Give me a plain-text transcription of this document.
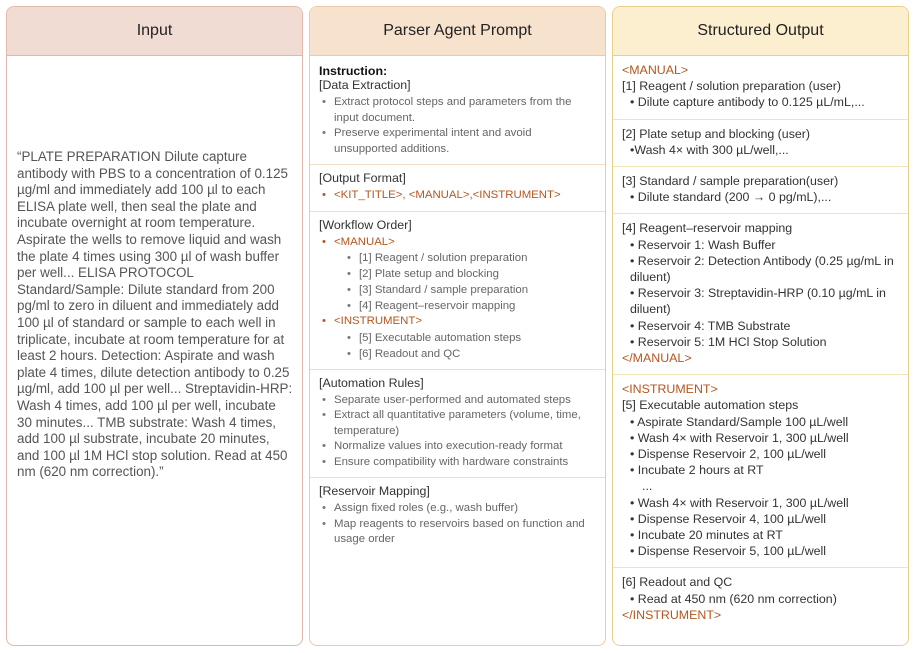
Input
“PLATE PREPARATION Dilute capture antibody with PBS to a concentration of 0.125 µg/ml and immediately add 100 µl to each ELISA plate well, then seal the plate and incubate overnight at room temperature. Aspirate the wells to remove liquid and wash the plate 4 times using 300 µl of wash buffer per well... ELISA PROTOCOL Standard/Sample: Dilute standard from 200 pg/ml to zero in diluent and immediately add 100 µl of standard or sample to each well in triplicate, incubate at room temperature for at least 2 hours. Detection: Aspirate and wash plate 4 times, dilute detection antibody to 0.25 µg/ml, add 100 µl per well... Streptavidin-HRP: Wash 4 times, add 100 µl per well, incubate 30 minutes... TMB substrate: Wash 4 times, add 100 µl substrate, incubate 20 minutes, and 100 µl 1M HCl stop solution. Read at 450 nm (620 nm correction).”
Parser Agent Prompt
Instruction:
[Data Extraction]
• Extract protocol steps and parameters from the input document.
• Preserve experimental intent and avoid unsupported additions.
[Output Format]
• <KIT_TITLE>, <MANUAL>,<INSTRUMENT>
[Workflow Order]
• <MANUAL>
• [1] Reagent / solution preparation
• [2] Plate setup and blocking
• [3] Standard / sample preparation
• [4] Reagent–reservoir mapping
• <INSTRUMENT>
• [5] Executable automation steps
• [6] Readout and QC
[Automation Rules]
• Separate user-performed and automated steps
• Extract all quantitative parameters (volume, time, temperature)
• Normalize values into execution-ready format
• Ensure compatibility with hardware constraints
[Reservoir Mapping]
• Assign fixed roles (e.g., wash buffer)
• Map reagents to reservoirs based on function and usage order
Structured Output
<MANUAL>
[1] Reagent / solution preparation (user)
• Dilute capture antibody to 0.125 µL/mL,...
[2] Plate setup and blocking (user)
•Wash 4× with 300 µL/well,...
[3] Standard / sample preparation(user)
• Dilute standard (200 → 0 pg/mL),...
[4] Reagent–reservoir mapping
• Reservoir 1: Wash Buffer
• Reservoir 2: Detection Antibody (0.25 µg/mL in diluent)
• Reservoir 3: Streptavidin-HRP (0.10 µg/mL in diluent)
• Reservoir 4: TMB Substrate
• Reservoir 5: 1M HCl Stop Solution
</MANUAL>
<INSTRUMENT>
[5] Executable automation steps
• Aspirate Standard/Sample 100 µL/well
• Wash 4× with Reservoir 1, 300 µL/well
• Dispense Reservoir 2, 100 µL/well
• Incubate 2 hours at RT
...
• Wash 4× with Reservoir 1, 300 µL/well
• Dispense Reservoir 4, 100 µL/well
• Incubate 20 minutes at RT
• Dispense Reservoir 5, 100 µL/well
[6] Readout and QC
• Read at 450 nm (620 nm correction)
</INSTRUMENT>
